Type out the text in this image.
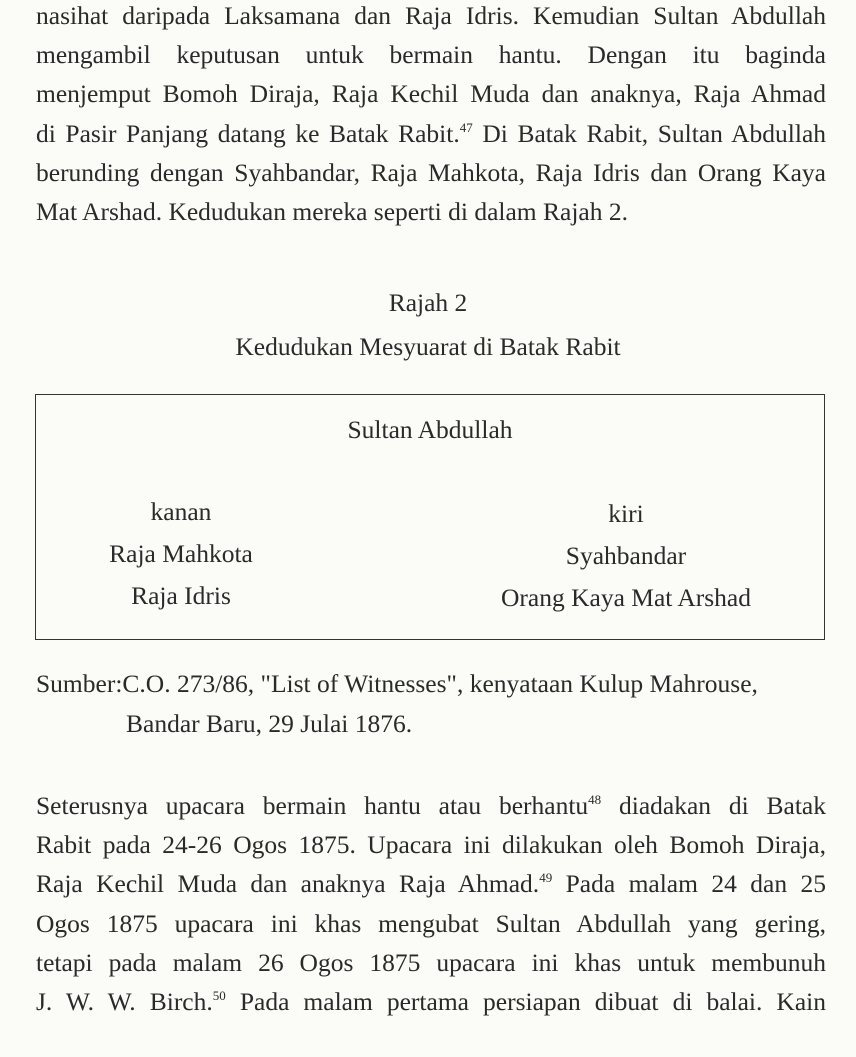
nasihat daripada Laksamana dan Raja Idris. Kemudian Sultan Abdullah
mengambil keputusan untuk bermain hantu. Dengan itu baginda
menjemput Bomoh Diraja, Raja Kechil Muda dan anaknya, Raja Ahmad
di Pasir Panjang datang ke Batak Rabit.$^{47}$ Di Batak Rabit, Sultan Abdullah
berunding dengan Syahbandar, Raja Mahkota, Raja Idris dan Orang Kaya
Mat Arshad. Kedudukan mereka seperti di dalam Rajah 2.

Rajah 2

Kedudukan Mesyuarat di Batak Rabit

Sultan Abdullah
kanan
Raja Mahkota
Raja Idris
kiri
Syahbandar
Orang Kaya Mat Arshad
Sumber:C.O. 273/86, "List of Witnesses", kenyataan Kulup Mahrouse,
Bandar Baru, 29 Julai 1876.
Seterusnya upacara bermain hantu atau berhantu$^{48}$ diadakan di Batak
Rabit pada 24-26 Ogos 1875. Upacara ini dilakukan oleh Bomoh Diraja,
Raja Kechil Muda dan anaknya Raja Ahmad.$^{49}$ Pada malam 24 dan 25
Ogos 1875 upacara ini khas mengubat Sultan Abdullah yang gering,
tetapi pada malam 26 Ogos 1875 upacara ini khas untuk membunuh
J. W. W. Birch.$^{50}$ Pada malam pertama persiapan dibuat di balai. Kain
